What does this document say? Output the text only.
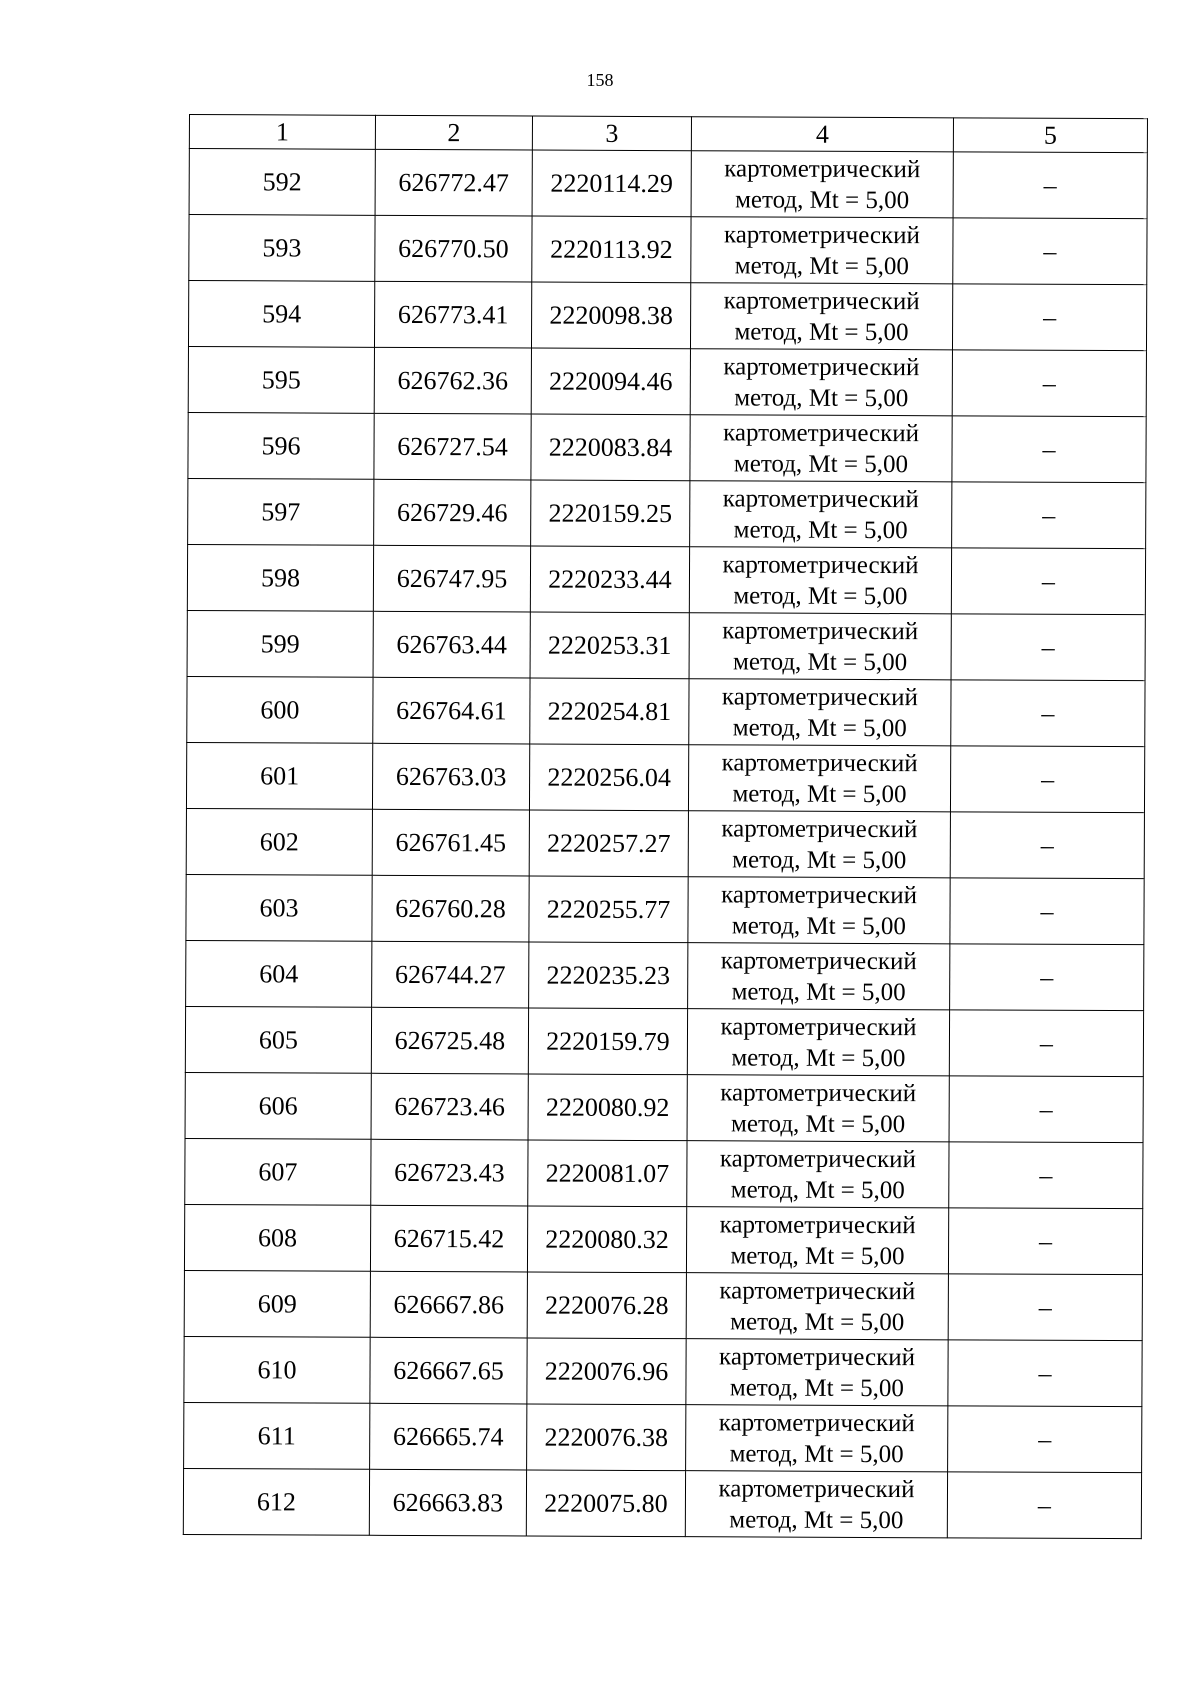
158
1	2	3	4	5
592	626772.47	2220114.29	картометрический
метод, Mt = 5,00	–
593	626770.50	2220113.92	картометрический
метод, Mt = 5,00	–
594	626773.41	2220098.38	картометрический
метод, Mt = 5,00	–
595	626762.36	2220094.46	картометрический
метод, Mt = 5,00	–
596	626727.54	2220083.84	картометрический
метод, Mt = 5,00	–
597	626729.46	2220159.25	картометрический
метод, Mt = 5,00	–
598	626747.95	2220233.44	картометрический
метод, Mt = 5,00	–
599	626763.44	2220253.31	картометрический
метод, Mt = 5,00	–
600	626764.61	2220254.81	картометрический
метод, Mt = 5,00	–
601	626763.03	2220256.04	картометрический
метод, Mt = 5,00	–
602	626761.45	2220257.27	картометрический
метод, Mt = 5,00	–
603	626760.28	2220255.77	картометрический
метод, Mt = 5,00	–
604	626744.27	2220235.23	картометрический
метод, Mt = 5,00	–
605	626725.48	2220159.79	картометрический
метод, Mt = 5,00	–
606	626723.46	2220080.92	картометрический
метод, Mt = 5,00	–
607	626723.43	2220081.07	картометрический
метод, Mt = 5,00	–
608	626715.42	2220080.32	картометрический
метод, Mt = 5,00	–
609	626667.86	2220076.28	картометрический
метод, Mt = 5,00	–
610	626667.65	2220076.96	картометрический
метод, Mt = 5,00	–
611	626665.74	2220076.38	картометрический
метод, Mt = 5,00	–
612	626663.83	2220075.80	картометрический
метод, Mt = 5,00	–
